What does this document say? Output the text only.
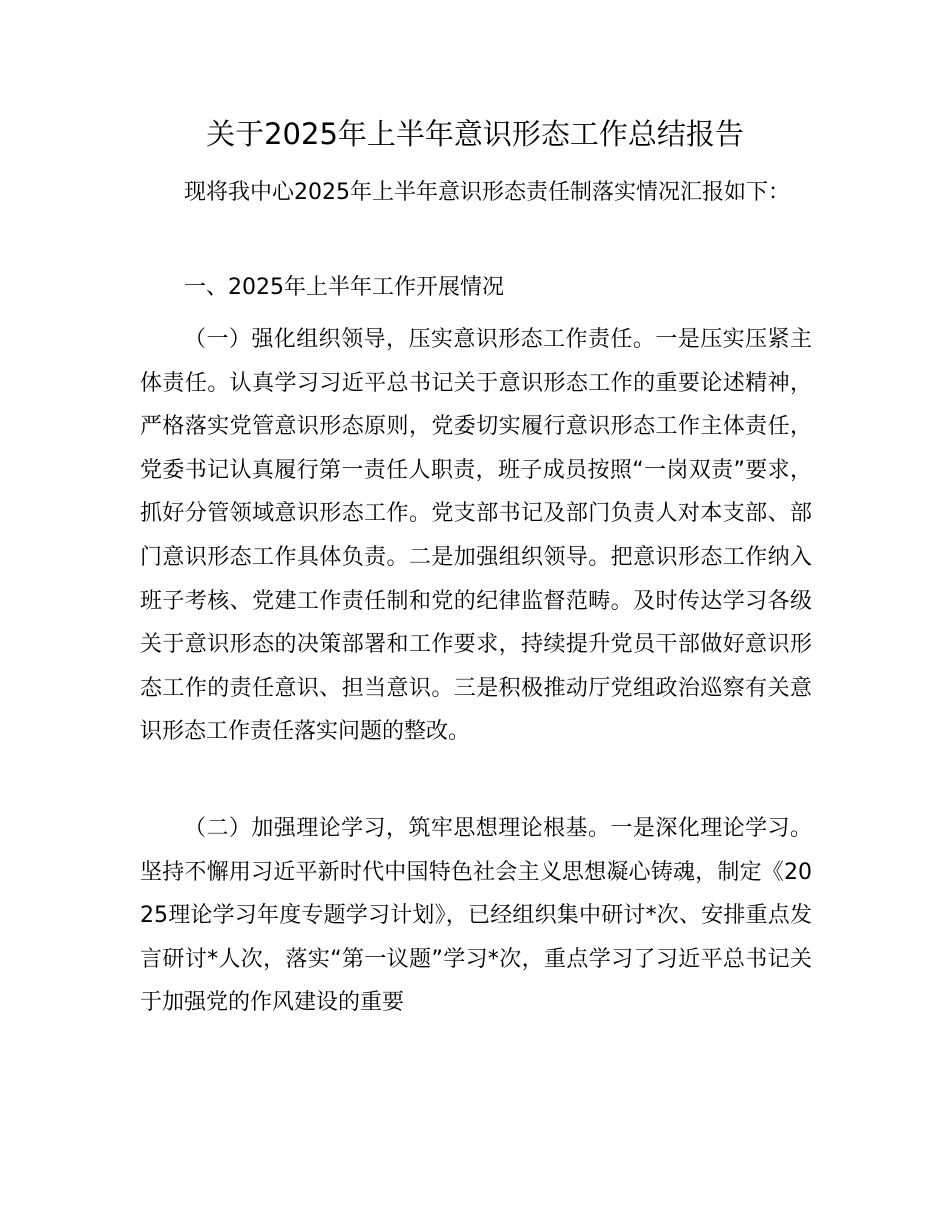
关于2025年上半年意识形态工作总结报告

现将我中心2025年上半年意识形态责任制落实情况汇报如下：

一、2025年上半年工作开展情况

（一）强化组织领导，压实意识形态工作责任。一是压实压紧主体责任。认真学习习近平总书记关于意识形态工作的重要论述精神，严格落实党管意识形态原则，党委切实履行意识形态工作主体责任，党委书记认真履行第一责任人职责，班子成员按照“一岗双责”要求，抓好分管领域意识形态工作。党支部书记及部门负责人对本支部、部门意识形态工作具体负责。二是加强组织领导。把意识形态工作纳入班子考核、党建工作责任制和党的纪律监督范畴。及时传达学习各级关于意识形态的决策部署和工作要求，持续提升党员干部做好意识形态工作的责任意识、担当意识。三是积极推动厅党组政治巡察有关意识形态工作责任落实问题的整改。

（二）加强理论学习，筑牢思想理论根基。一是深化理论学习。坚持不懈用习近平新时代中国特色社会主义思想凝心铸魂，制定《2025理论学习年度专题学习计划》，已经组织集中研讨*次、安排重点发言研讨*人次，落实“第一议题”学习*次，重点学习了习近平总书记关于加强党的作风建设的重要
